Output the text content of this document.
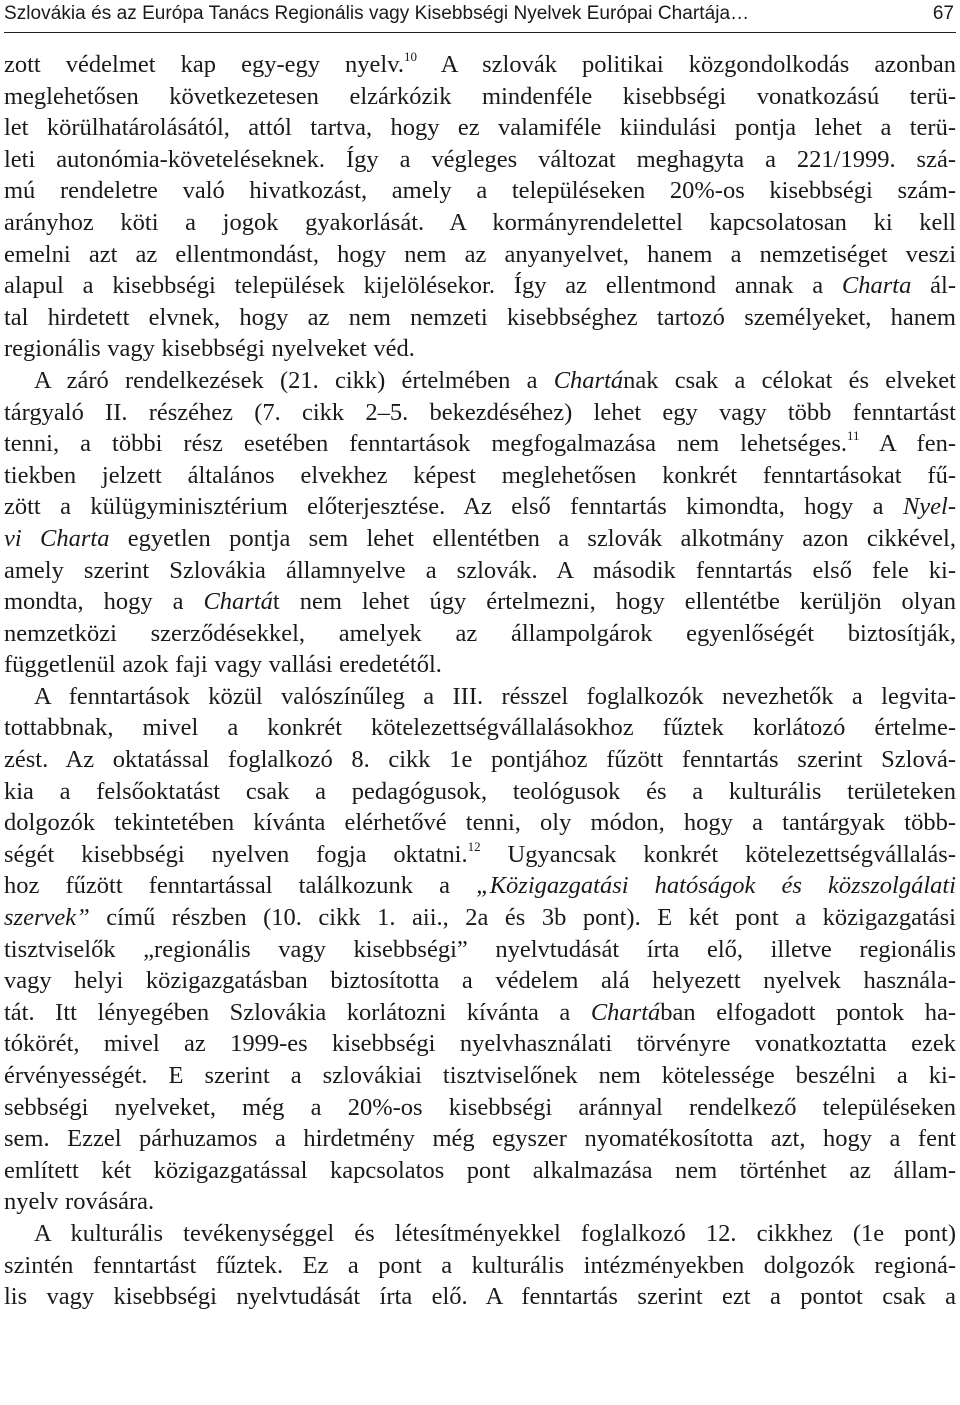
Szlovákia és az Európa Tanács Regionális vagy Kisebbségi Nyelvek Európai Chartája…	67
zott védelmet kap egy-egy nyelv.$^{10}$ A szlovák politikai közgondolkodás azonban
meglehetősen következetesen elzárkózik mindenféle kisebbségi vonatkozású terü-
let körülhatárolásától, attól tartva, hogy ez valamiféle kiindulási pontja lehet a terü-
leti autonómia-követeléseknek. Így a végleges változat meghagyta a 221/1999. szá-
mú rendeletre való hivatkozást, amely a településeken 20%-os kisebbségi szám-
arányhoz köti a jogok gyakorlását. A kormányrendelettel kapcsolatosan ki kell
emelni azt az ellentmondást, hogy nem az anyanyelvet, hanem a nemzetiséget veszi
alapul a kisebbségi települések kijelölésekor. Így az ellentmond annak a Charta ál-
tal hirdetett elvnek, hogy az nem nemzeti kisebbséghez tartozó személyeket, hanem
regionális vagy kisebbségi nyelveket véd.
A záró rendelkezések (21. cikk) értelmében a Chartának csak a célokat és elveket
tárgyaló II. részéhez (7. cikk 2–5. bekezdéséhez) lehet egy vagy több fenntartást
tenni, a többi rész esetében fenntartások megfogalmazása nem lehetséges.$^{11}$ A fen-
tiekben jelzett általános elvekhez képest meglehetősen konkrét fenntartásokat fű-
zött a külügyminisztérium előterjesztése. Az első fenntartás kimondta, hogy a Nyel-
vi Charta egyetlen pontja sem lehet ellentétben a szlovák alkotmány azon cikkével,
amely szerint Szlovákia államnyelve a szlovák. A második fenntartás első fele ki-
mondta, hogy a Chartát nem lehet úgy értelmezni, hogy ellentétbe kerüljön olyan
nemzetközi szerződésekkel, amelyek az állampolgárok egyenlőségét biztosítják,
függetlenül azok faji vagy vallási eredetétől.
A fenntartások közül valószínűleg a III. résszel foglalkozók nevezhetők a legvita-
tottabbnak, mivel a konkrét kötelezettségvállalásokhoz fűztek korlátozó értelme-
zést. Az oktatással foglalkozó 8. cikk 1e pontjához fűzött fenntartás szerint Szlová-
kia a felsőoktatást csak a pedagógusok, teológusok és a kulturális területeken
dolgozók tekintetében kívánta elérhetővé tenni, oly módon, hogy a tantárgyak több-
ségét kisebbségi nyelven fogja oktatni.$^{12}$ Ugyancsak konkrét kötelezettségvállalás-
hoz fűzött fenntartással találkozunk a „Közigazgatási hatóságok és közszolgálati
szervek” című részben (10. cikk 1. aii., 2a és 3b pont). E két pont a közigazgatási
tisztviselők „regionális vagy kisebbségi” nyelvtudását írta elő, illetve regionális
vagy helyi közigazgatásban biztosította a védelem alá helyezett nyelvek használa-
tát. Itt lényegében Szlovákia korlátozni kívánta a Chartában elfogadott pontok ha-
tókörét, mivel az 1999-es kisebbségi nyelvhasználati törvényre vonatkoztatta ezek
érvényességét. E szerint a szlovákiai tisztviselőnek nem kötelessége beszélni a ki-
sebbségi nyelveket, még a 20%-os kisebbségi aránnyal rendelkező településeken
sem. Ezzel párhuzamos a hirdetmény még egyszer nyomatékosította azt, hogy a fent
említett két közigazgatással kapcsolatos pont alkalmazása nem történhet az állam-
nyelv rovására.
A kulturális tevékenységgel és létesítményekkel foglalkozó 12. cikkhez (1e pont)
szintén fenntartást fűztek. Ez a pont a kulturális intézményekben dolgozók regioná-
lis vagy kisebbségi nyelvtudását írta elő. A fenntartás szerint ezt a pontot csak a
